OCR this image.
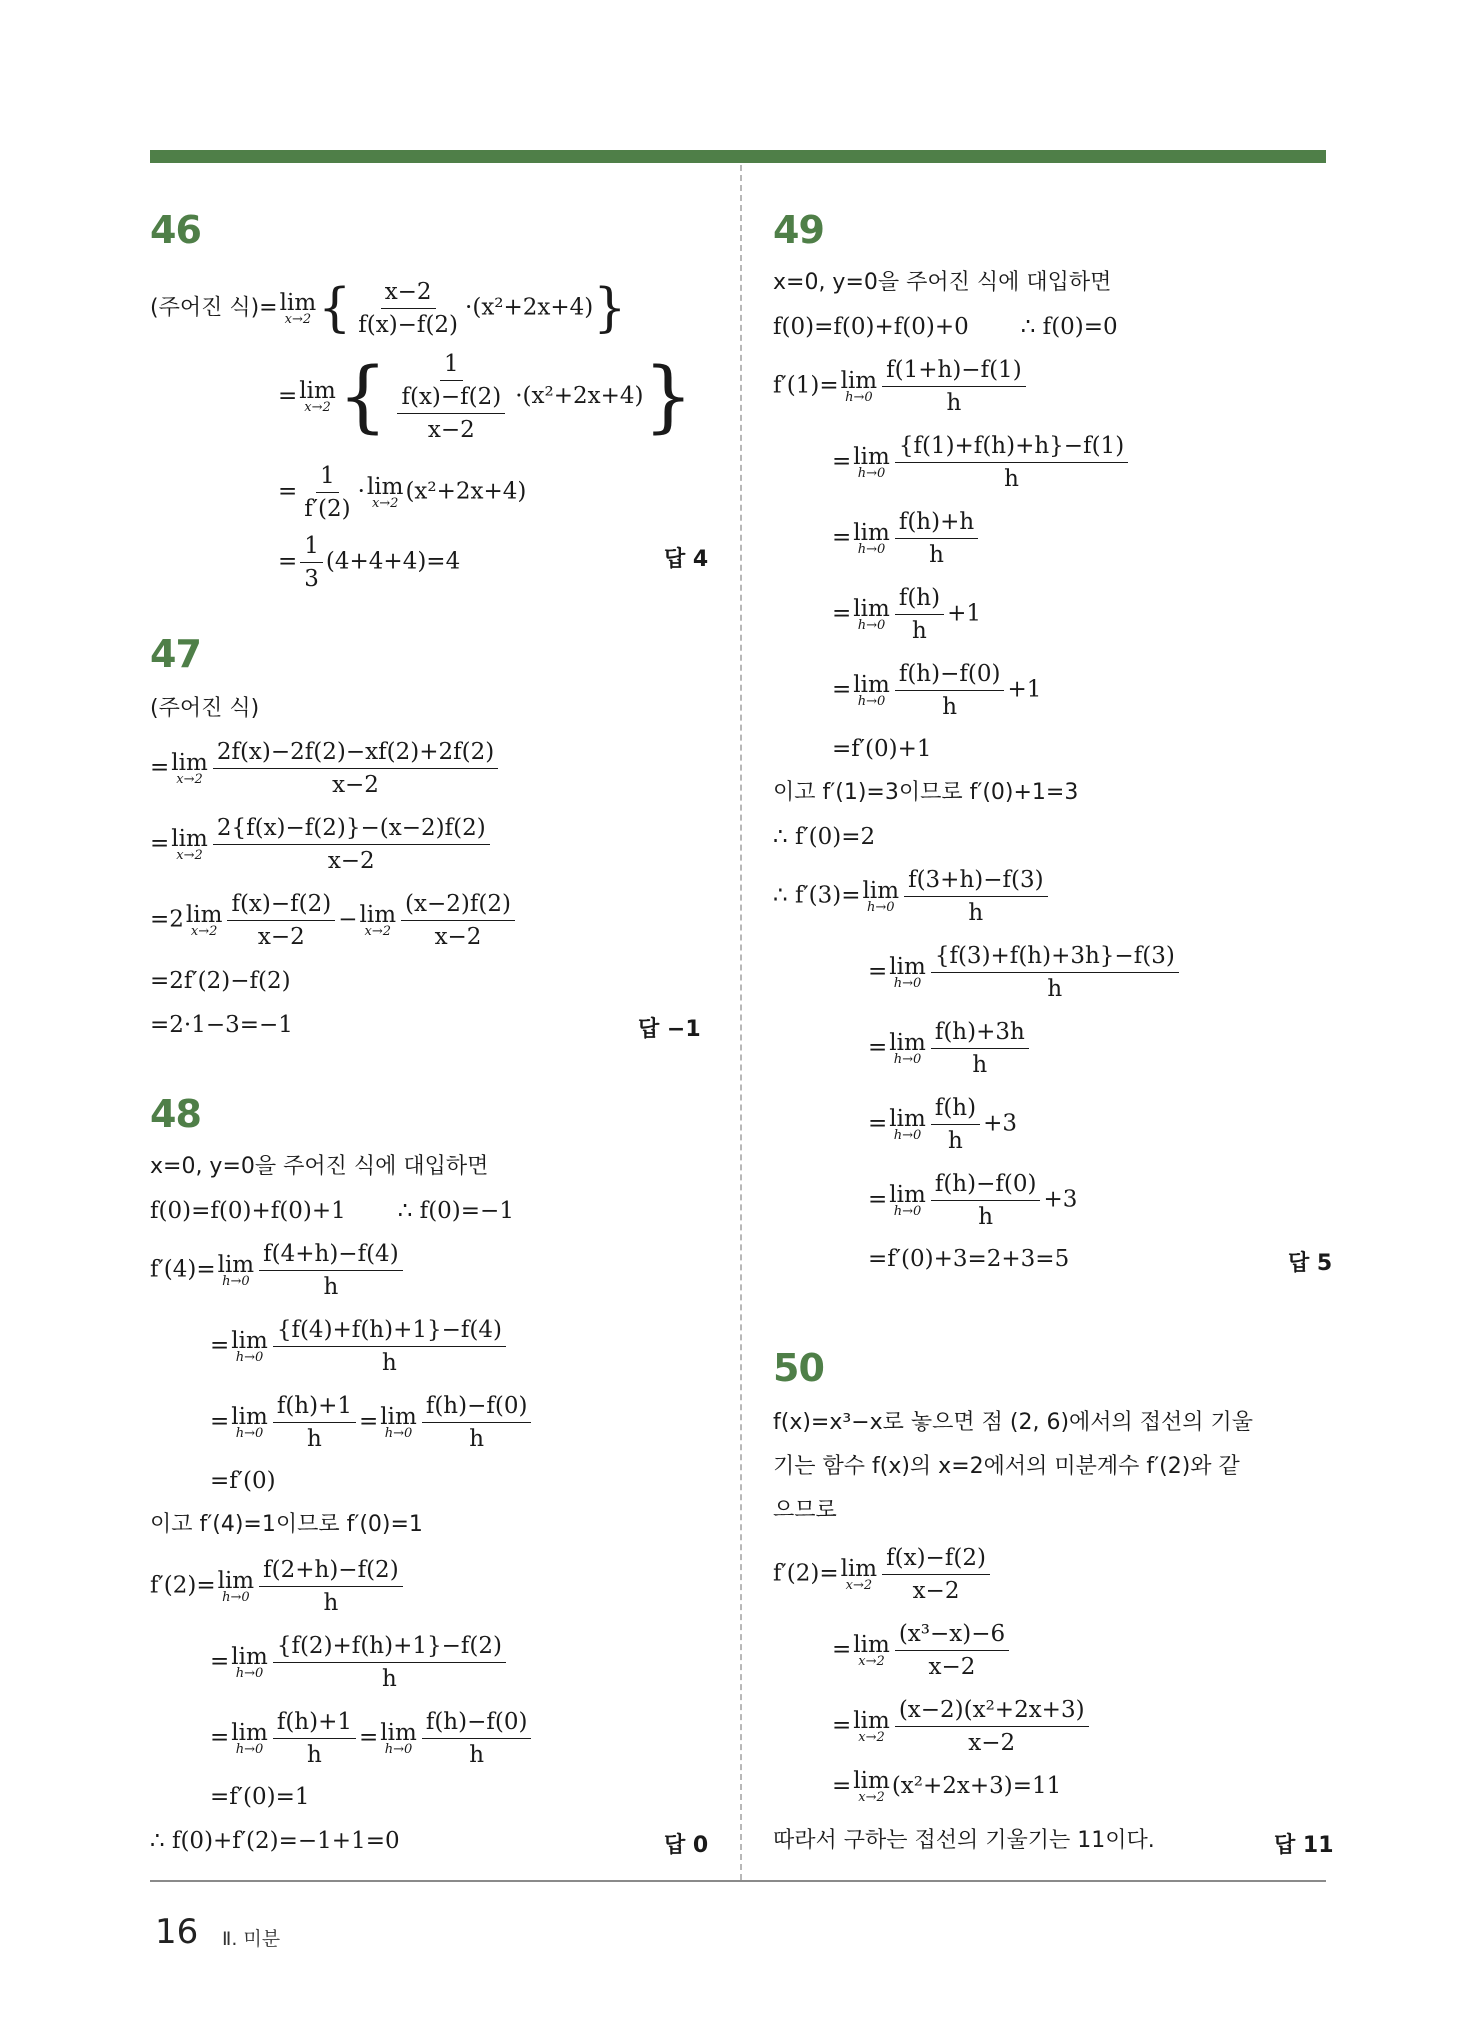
46
(주어진 식)= lim
x→2 { $\frac{x-2}{f(x)-f(2)} \cdot(x^2+2x+4)$}
= lim
x→2 { $\frac{1}{\frac{f(x)-f(2)}{x-2}} \cdot(x^2+2x+4)$}
= $\frac{1}{f'(2)} \cdot \lim$
x→2 (x²+2x+4)
= $\frac{1}{3} (4+4+4)=4$	답 4
47
(주어진 식)
= lim
$x\to 2 \frac{2f(x)-2f(2)-xf(2)+2f(2)}{x-2}$
= lim
$x\to 2 \frac{2\{f(x)-f(2)\}-(x-2)f(2)}{x-2}$
=2 lim
$x\to 2 \frac{f(x)-f(2)}{x-2} - \lim$
$x\to 2 \frac{(x-2)f(2)}{x-2}$
=2f′(2)−f(2)
=2·1−3=−1	답 −1
48
x=0, y=0을 주어진 식에 대입하면
f(0)=f(0)+f(0)+1 ∴ f(0)=−1
f′(4)= lim
$h\to 0 \frac{f(4+h)-f(4)}{h}$
= lim
$h\to 0 \frac{\{f(4)+f(h)+1\}-f(4)}{h}$
= lim
$h\to 0 \frac{f(h)+1}{h} = \lim$
$h\to 0 \frac{f(h)-f(0)}{h}$
=f′(0)
이고 f′(4)=1이므로 f′(0)=1
f′(2)= lim
$h\to 0 \frac{f(2+h)-f(2)}{h}$
= lim
$h\to 0 \frac{\{f(2)+f(h)+1\}-f(2)}{h}$
= lim
$h\to 0 \frac{f(h)+1}{h} = \lim$
$h\to 0 \frac{f(h)-f(0)}{h}$
=f′(0)=1
∴ f(0)+f′(2)=−1+1=0	답 0
49
x=0, y=0을 주어진 식에 대입하면
f(0)=f(0)+f(0)+0 ∴ f(0)=0
f′(1)= lim
$h\to 0 \frac{f(1+h)-f(1)}{h}$
= lim
$h\to 0 \frac{\{f(1)+f(h)+h\}-f(1)}{h}$
= lim
$h\to 0 \frac{f(h)+h}{h}$
= lim
$h\to 0 \frac{f(h)}{h} +1$
= lim
$h\to 0 \frac{f(h)-f(0)}{h} +1$
=f′(0)+1
이고 f′(1)=3이므로 f′(0)+1=3
∴ f′(0)=2
∴ f′(3)= lim
$h\to 0 \frac{f(3+h)-f(3)}{h}$
= lim
$h\to 0 \frac{\{f(3)+f(h)+3h\}-f(3)}{h}$
= lim
$h\to 0 \frac{f(h)+3h}{h}$
= lim
$h\to 0 \frac{f(h)}{h} +3$
= lim
$h\to 0 \frac{f(h)-f(0)}{h} +3$
=f′(0)+3=2+3=5	답 5
50
f(x)=x³−x로 놓으면 점 (2, 6)에서의 접선의 기울
기는 함수 f(x)의 x=2에서의 미분계수 f′(2)와 같
으므로
f′(2)= lim
$x\to 2 \frac{f(x)-f(2)}{x-2}$
= lim
$x\to 2 \frac{\text{(x³−x)−6}}{x-2}$
= lim
$x\to 2 \frac{\text{(x−2)(x²+2x+3)}}{x-2}$
= lim
x→2 (x²+2x+3)=11
따라서 구하는 접선의 기울기는 11이다.	답 11
16 Ⅱ. 미분
